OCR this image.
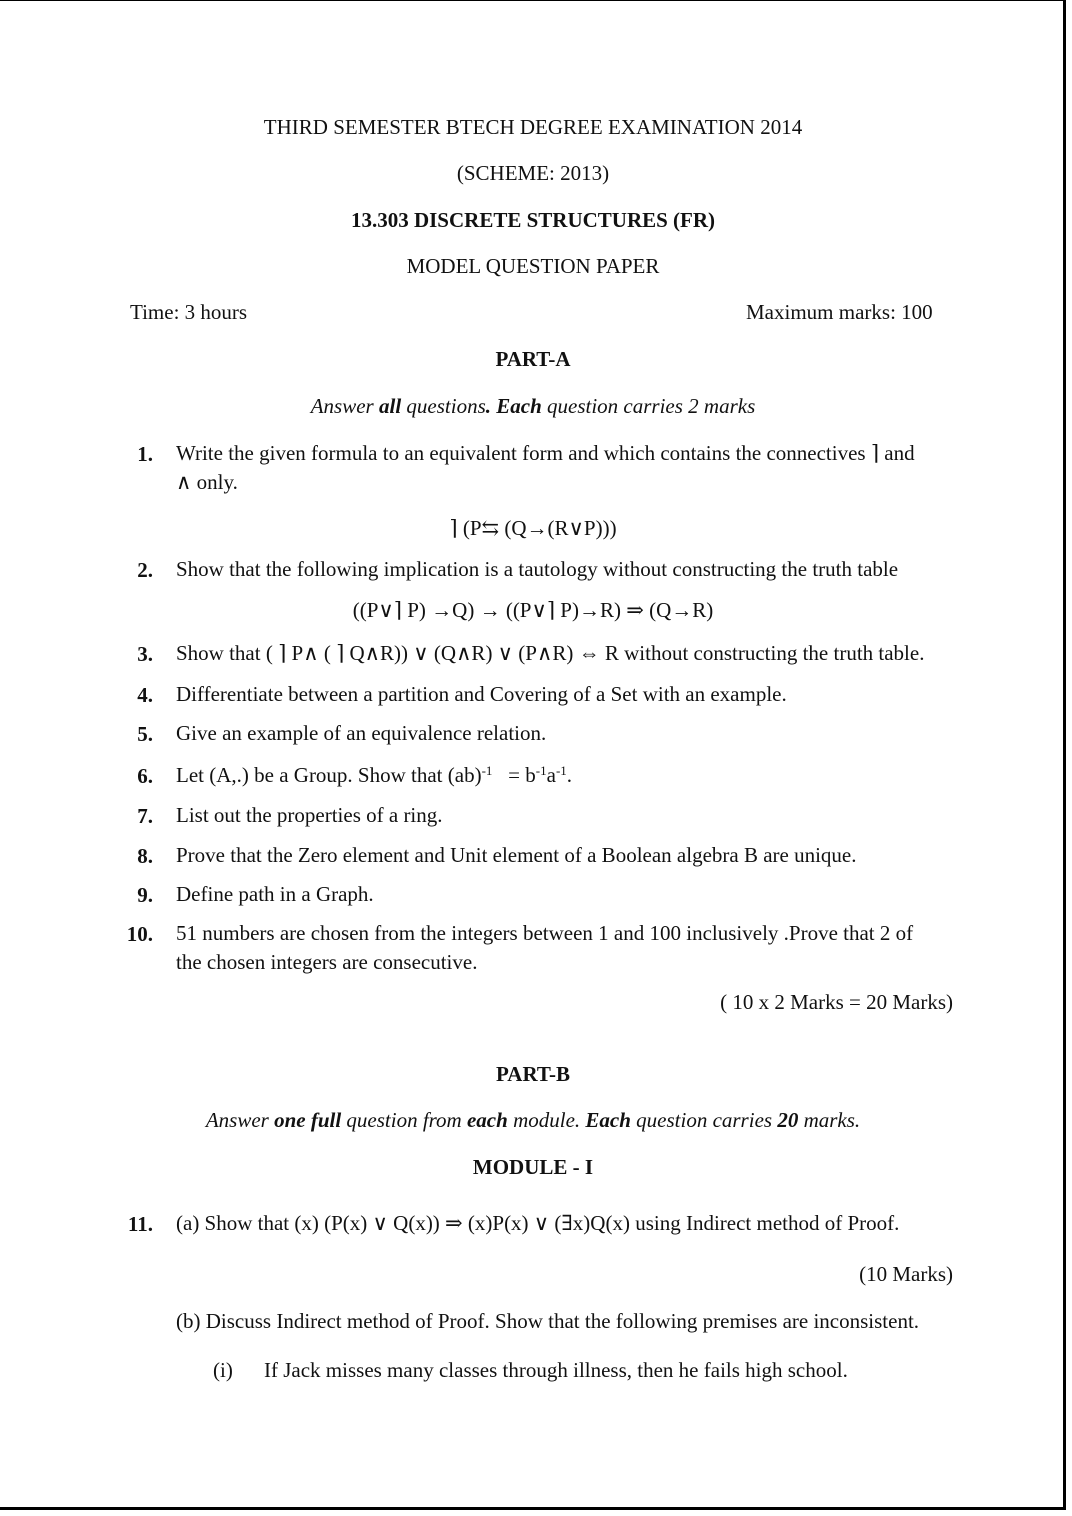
THIRD SEMESTER BTECH DEGREE EXAMINATION 2014
(SCHEME: 2013)
13.303 DISCRETE STRUCTURES (FR)
MODEL QUESTION PAPER
Time: 3 hours	Maximum marks: 100
PART-A
Answer all questions. Each question carries 2 marks
1. Write the given formula to an equivalent form and which contains the connectives ⌉ and
∧ only.
⌉ (P⇆ (Q→(R∨P)))
2. Show that the following implication is a tautology without constructing the truth table
((P∨⌉ P) →Q) → ((P∨⌉ P)→R) ⇒ (Q→R)
3. Show that ( ⌉ P∧ ( ⌉ Q∧R)) ∨ (Q∧R) ∨ (P∧R) ⇔ R without constructing the truth table.
4. Differentiate between a partition and Covering of a Set with an example.
5. Give an example of an equivalence relation.
6. Let (A,.) be a Group. Show that $(ab)^{-1} = b^{-1}a^{-1}$.
7. List out the properties of a ring.
8. Prove that the Zero element and Unit element of a Boolean algebra B are unique.
9. Define path in a Graph.
10. 51 numbers are chosen from the integers between 1 and 100 inclusively .Prove that 2 of
the chosen integers are consecutive.
( 10 x 2 Marks = 20 Marks)
PART-B
Answer one full question from each module. Each question carries 20 marks.
MODULE - I
11. (a) Show that (x) (P(x) ∨ Q(x)) ⇒ (x)P(x) ∨ (∃x)Q(x) using Indirect method of Proof.
(10 Marks)
(b) Discuss Indirect method of Proof. Show that the following premises are inconsistent.
(i) If Jack misses many classes through illness, then he fails high school.
